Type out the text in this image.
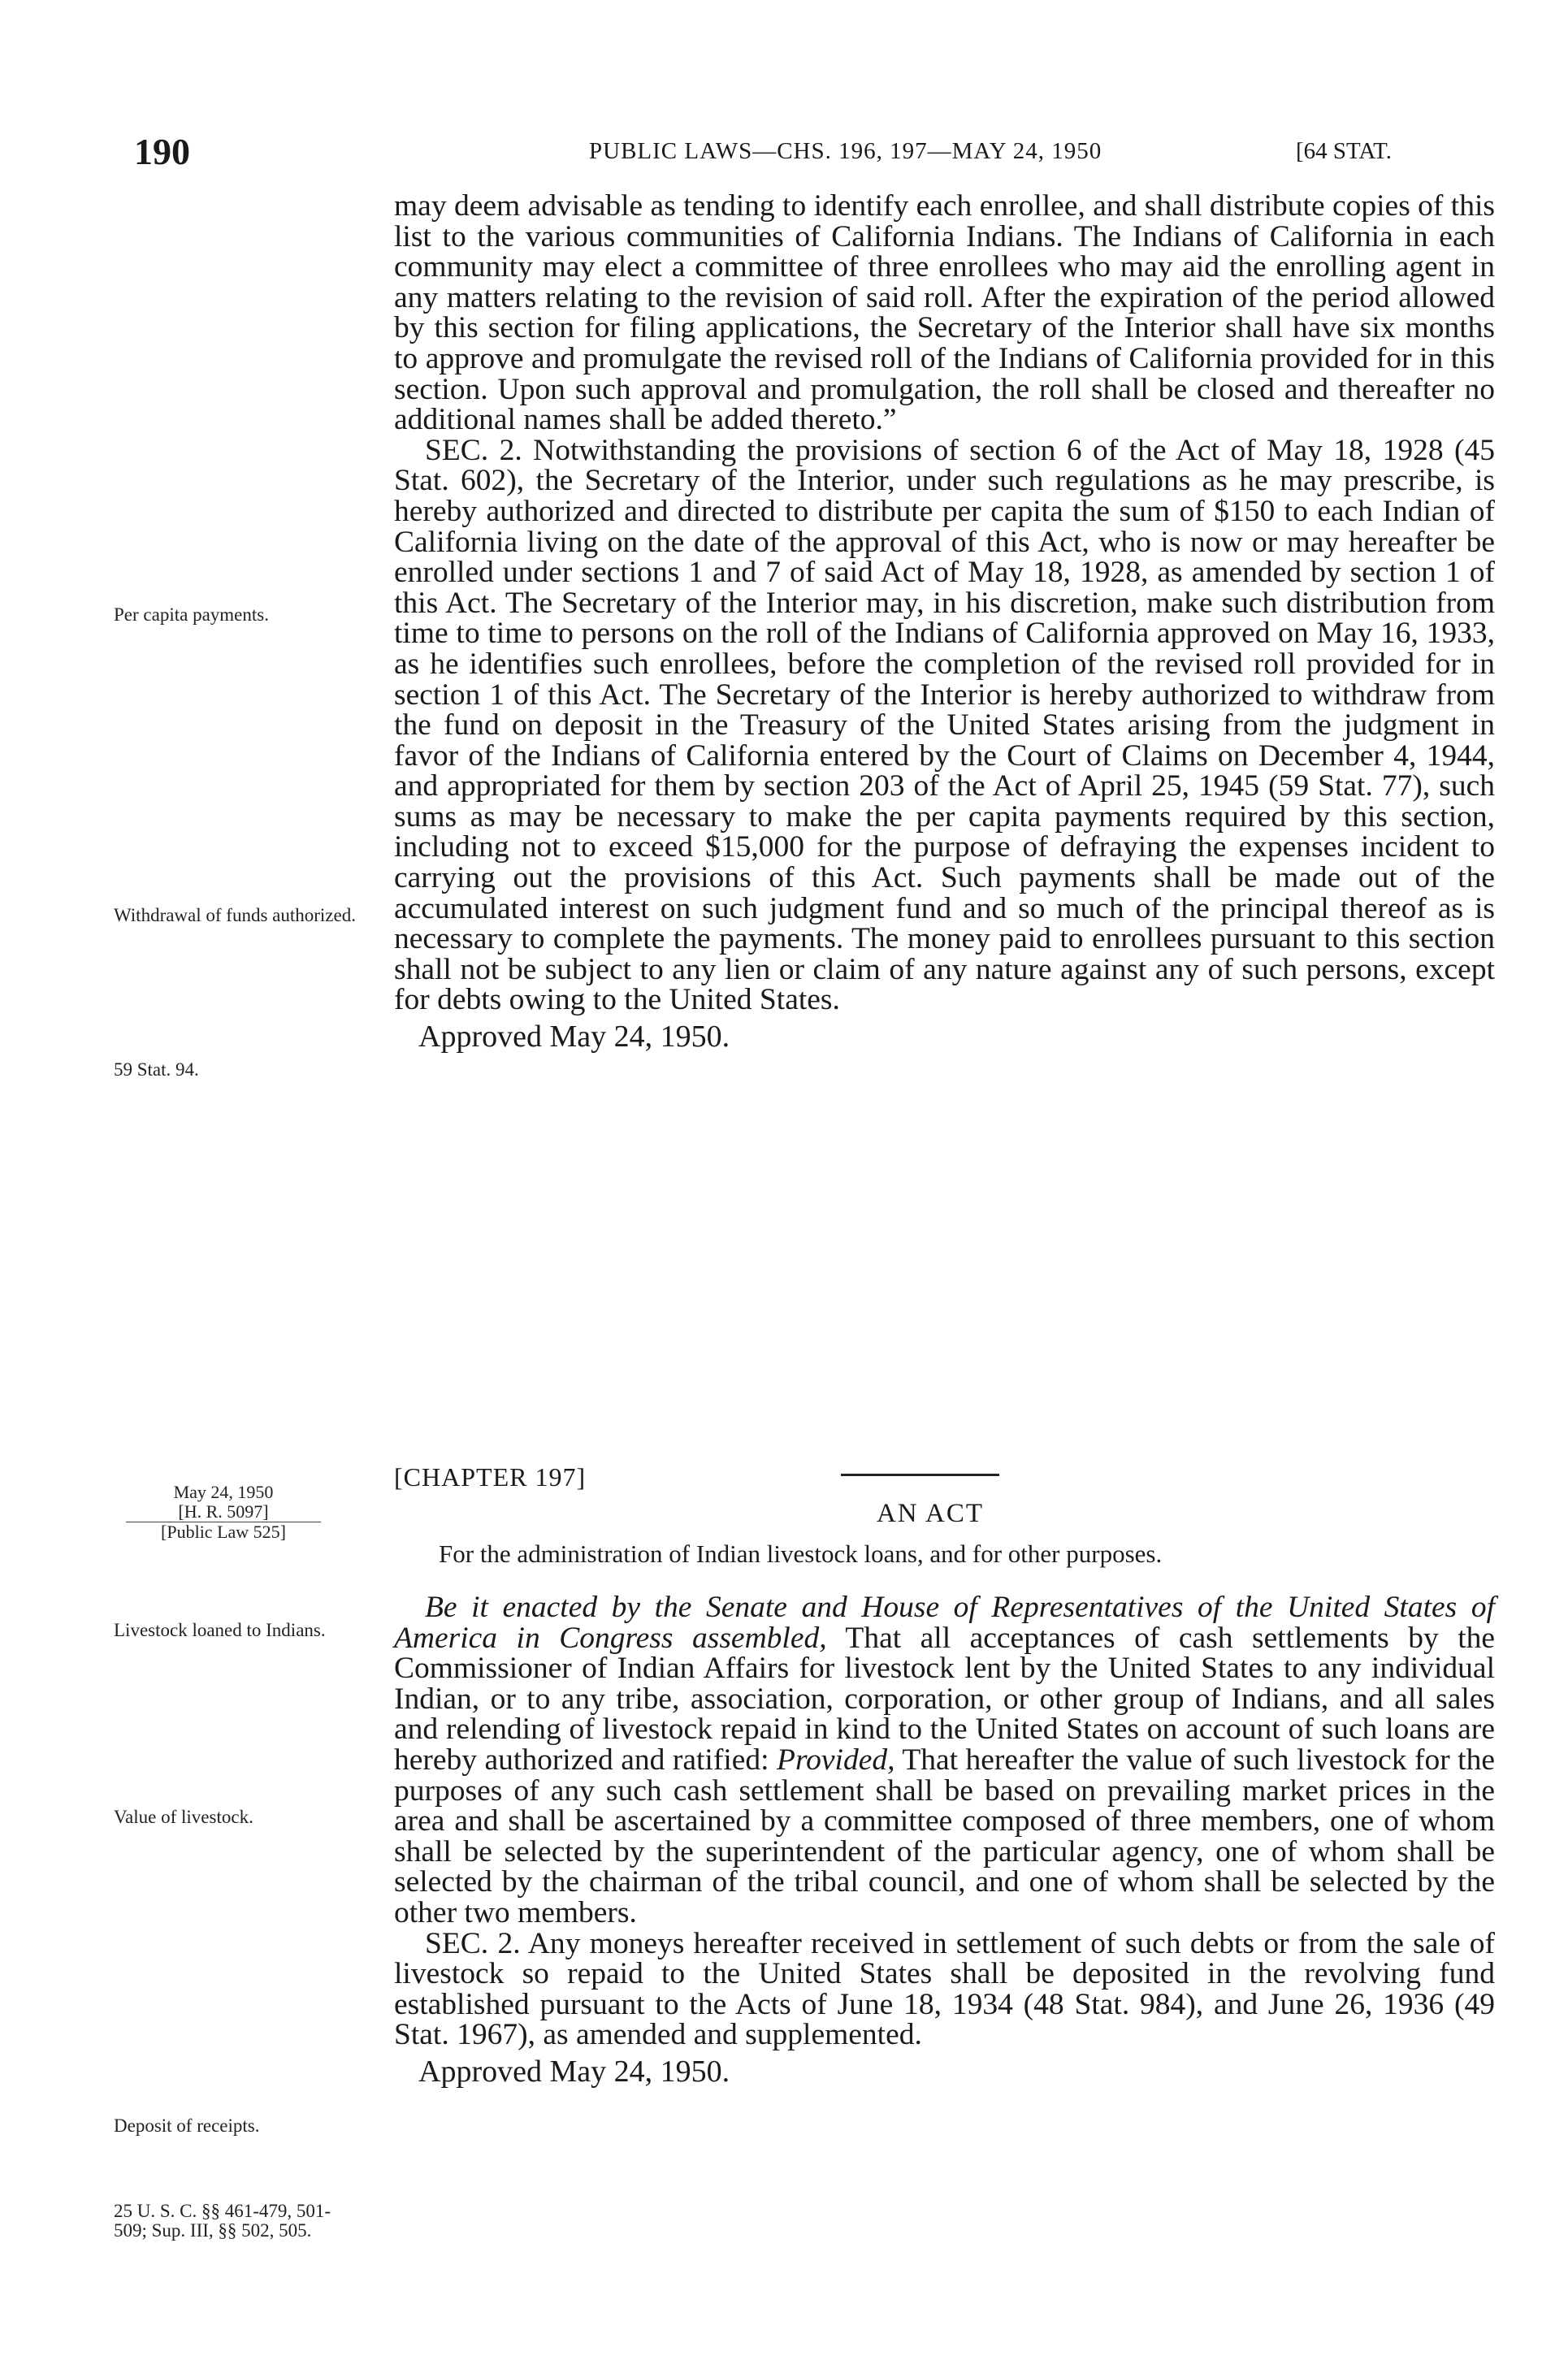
190	PUBLIC LAWS—CHS. 196, 197—MAY 24, 1950	[64 STAT.

may deem advisable as tending to identify each enrollee, and shall distribute copies of this list to the various communities of California Indians. The Indians of California in each community may elect a committee of three enrollees who may aid the enrolling agent in any matters relating to the revision of said roll. After the expiration of the period allowed by this section for filing applications, the Secretary of the Interior shall have six months to approve and promulgate the revised roll of the Indians of California provided for in this section. Upon such approval and promulgation, the roll shall be closed and thereafter no additional names shall be added thereto.”

SEC. 2. Notwithstanding the provisions of section 6 of the Act of May 18, 1928 (45 Stat. 602), the Secretary of the Interior, under such regulations as he may prescribe, is hereby authorized and directed to distribute per capita the sum of $150 to each Indian of California living on the date of the approval of this Act, who is now or may hereafter be enrolled under sections 1 and 7 of said Act of May 18, 1928, as amended by section 1 of this Act. The Secretary of the Interior may, in his discretion, make such distribution from time to time to persons on the roll of the Indians of California approved on May 16, 1933, as he identifies such enrollees, before the completion of the revised roll provided for in section 1 of this Act. The Secretary of the Interior is hereby authorized to withdraw from the fund on deposit in the Treasury of the United States arising from the judgment in favor of the Indians of California entered by the Court of Claims on December 4, 1944, and appropriated for them by section 203 of the Act of April 25, 1945 (59 Stat. 77), such sums as may be necessary to make the per capita payments required by this section, including not to exceed $15,000 for the purpose of defraying the expenses incident to carrying out the provisions of this Act. Such payments shall be made out of the accumulated interest on such judgment fund and so much of the principal thereof as is necessary to complete the payments. The money paid to enrollees pursuant to this section shall not be subject to any lien or claim of any nature against any of such persons, except for debts owing to the United States.

Approved May 24, 1950.

[CHAPTER 197]
AN ACT
For the administration of Indian livestock loans, and for other purposes.

Be it enacted by the Senate and House of Representatives of the United States of America in Congress assembled, That all acceptances of cash settlements by the Commissioner of Indian Affairs for livestock lent by the United States to any individual Indian, or to any tribe, association, corporation, or other group of Indians, and all sales and relending of livestock repaid in kind to the United States on account of such loans are hereby authorized and ratified: Provided, That hereafter the value of such livestock for the purposes of any such cash settlement shall be based on prevailing market prices in the area and shall be ascertained by a committee composed of three members, one of whom shall be selected by the superintendent of the particular agency, one of whom shall be selected by the chairman of the tribal council, and one of whom shall be selected by the other two members.

SEC. 2. Any moneys hereafter received in settlement of such debts or from the sale of livestock so repaid to the United States shall be deposited in the revolving fund established pursuant to the Acts of June 18, 1934 (48 Stat. 984), and June 26, 1936 (49 Stat. 1967), as amended and supplemented.

Approved May 24, 1950.

May 24, 1950
[H. R. 5097]
[Public Law 525]
Per capita payments.
Withdrawal of funds authorized.
59 Stat. 94.
Livestock loaned to Indians.
Value of livestock.
Deposit of receipts.
25 U. S. C. §§ 461-479, 501-509; Sup. III, §§ 502, 505.
